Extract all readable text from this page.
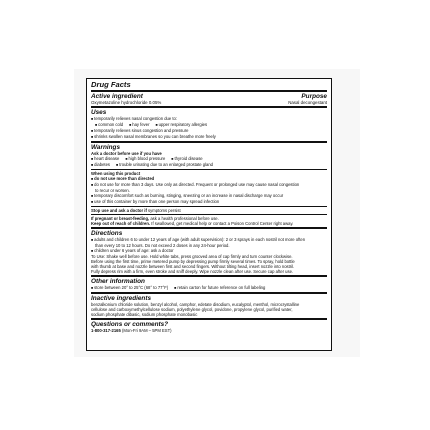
Drug Facts
Active ingredient	Purpose
Oxymetazoline hydrochloride 0.05%	Nasal decongestant
Uses
■ temporarily relieves nasal congestion due to:
■ common cold	■ hay fever	■ upper respiratory allergies
■ temporarily relieves sinus congestion and pressure
■ shrinks swollen nasal membranes so you can breathe more freely
Warnings
Ask a doctor before use if you have
■ heart disease	■ high blood pressure	■ thyroid disease
■ diabetes	■ trouble urinating due to an enlarged prostate gland
When using this product
■ do not use more than directed
■ do not use for more than 3 days. Use only as directed. Frequent or prolonged use may cause nasal congestion
to recur or worsen.
■ temporary discomfort such as burning, stinging, sneezing or an increase in nasal discharge may occur
■ use of this container by more than one person may spread infection
Stop use and ask a doctor if symptoms persist
If pregnant or breast-feeding, ask a health professional before use.
Keep out of reach of children. If swallowed, get medical help or contact a Poison Control Center right away.
Directions
■ adults and children 6 to under 12 years of age (with adult supervision): 2 or 3 sprays in each nostril not more often
than every 10 to 12 hours. Do not exceed 2 doses in any 24-hour period.
■ children under 6 years of age: ask a doctor
To Use: Shake well before use. Hold white tabs, press grooved area of cap firmly and turn counter clockwise.
Before using the first time, prime metered pump by depressing pump firmly several times. To spray, hold bottle
with thumb at base and nozzle between first and second fingers. Without tilting head, insert nozzle into nostril.
Fully depress rim with a firm, even stroke and sniff deeply. Wipe nozzle clean after use. Secure cap after use.
Other information
■ store between 20° to 25°C (68° to 77°F)	■ retain carton for future reference on full labeling
Inactive ingredients
benzalkonium chloride solution, benzyl alcohol, camphor, edetate disodium, eucalyptol, menthol, microcrystalline
cellulose and carboxymethylcellulose sodium, polyethylene glycol, povidone, propylene glycol, purified water,
sodium phosphate dibasic, sodium phosphate monobasic
Questions or comments?
1-800-317-2165 (Mon-Fri 9AM – 5PM EST)
